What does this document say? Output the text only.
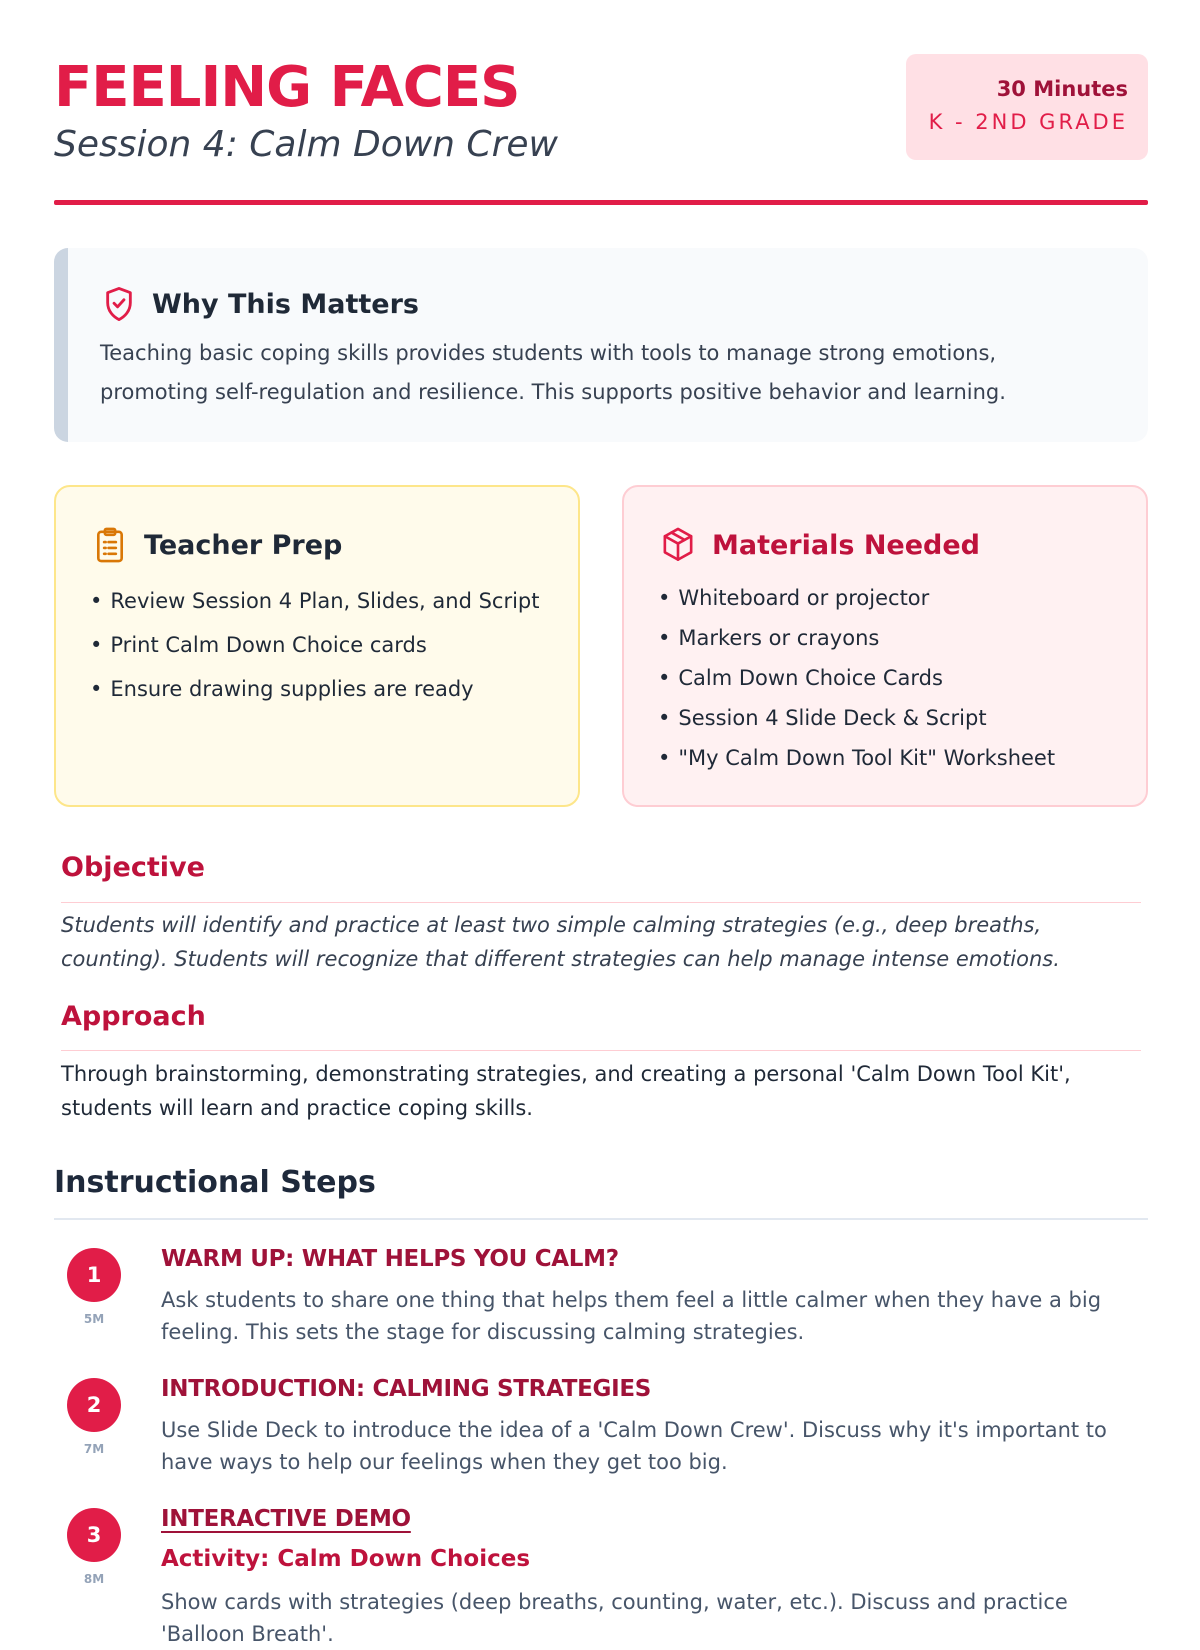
FEELING FACES
Session 4: Calm Down Crew
30 Minutes
K - 2ND GRADE
Why This Matters
Teaching basic coping skills provides students with tools to manage strong emotions, promoting self-regulation and resilience. This supports positive behavior and learning.
Teacher Prep
• Review Session 4 Plan, Slides, and Script
• Print Calm Down Choice cards
• Ensure drawing supplies are ready
Materials Needed
• Whiteboard or projector
• Markers or crayons
• Calm Down Choice Cards
• Session 4 Slide Deck & Script
• "My Calm Down Tool Kit" Worksheet
Objective
Students will identify and practice at least two simple calming strategies (e.g., deep breaths, counting). Students will recognize that different strategies can help manage intense emotions.
Approach
Through brainstorming, demonstrating strategies, and creating a personal 'Calm Down Tool Kit', students will learn and practice coping skills.
Instructional Steps
1
5M
WARM UP: WHAT HELPS YOU CALM?
Ask students to share one thing that helps them feel a little calmer when they have a big feeling. This sets the stage for discussing calming strategies.
2
7M
INTRODUCTION: CALMING STRATEGIES
Use Slide Deck to introduce the idea of a 'Calm Down Crew'. Discuss why it's important to have ways to help our feelings when they get too big.
3
8M
INTERACTIVE DEMO
Activity: Calm Down Choices
Show cards with strategies (deep breaths, counting, water, etc.). Discuss and practice 'Balloon Breath'.
